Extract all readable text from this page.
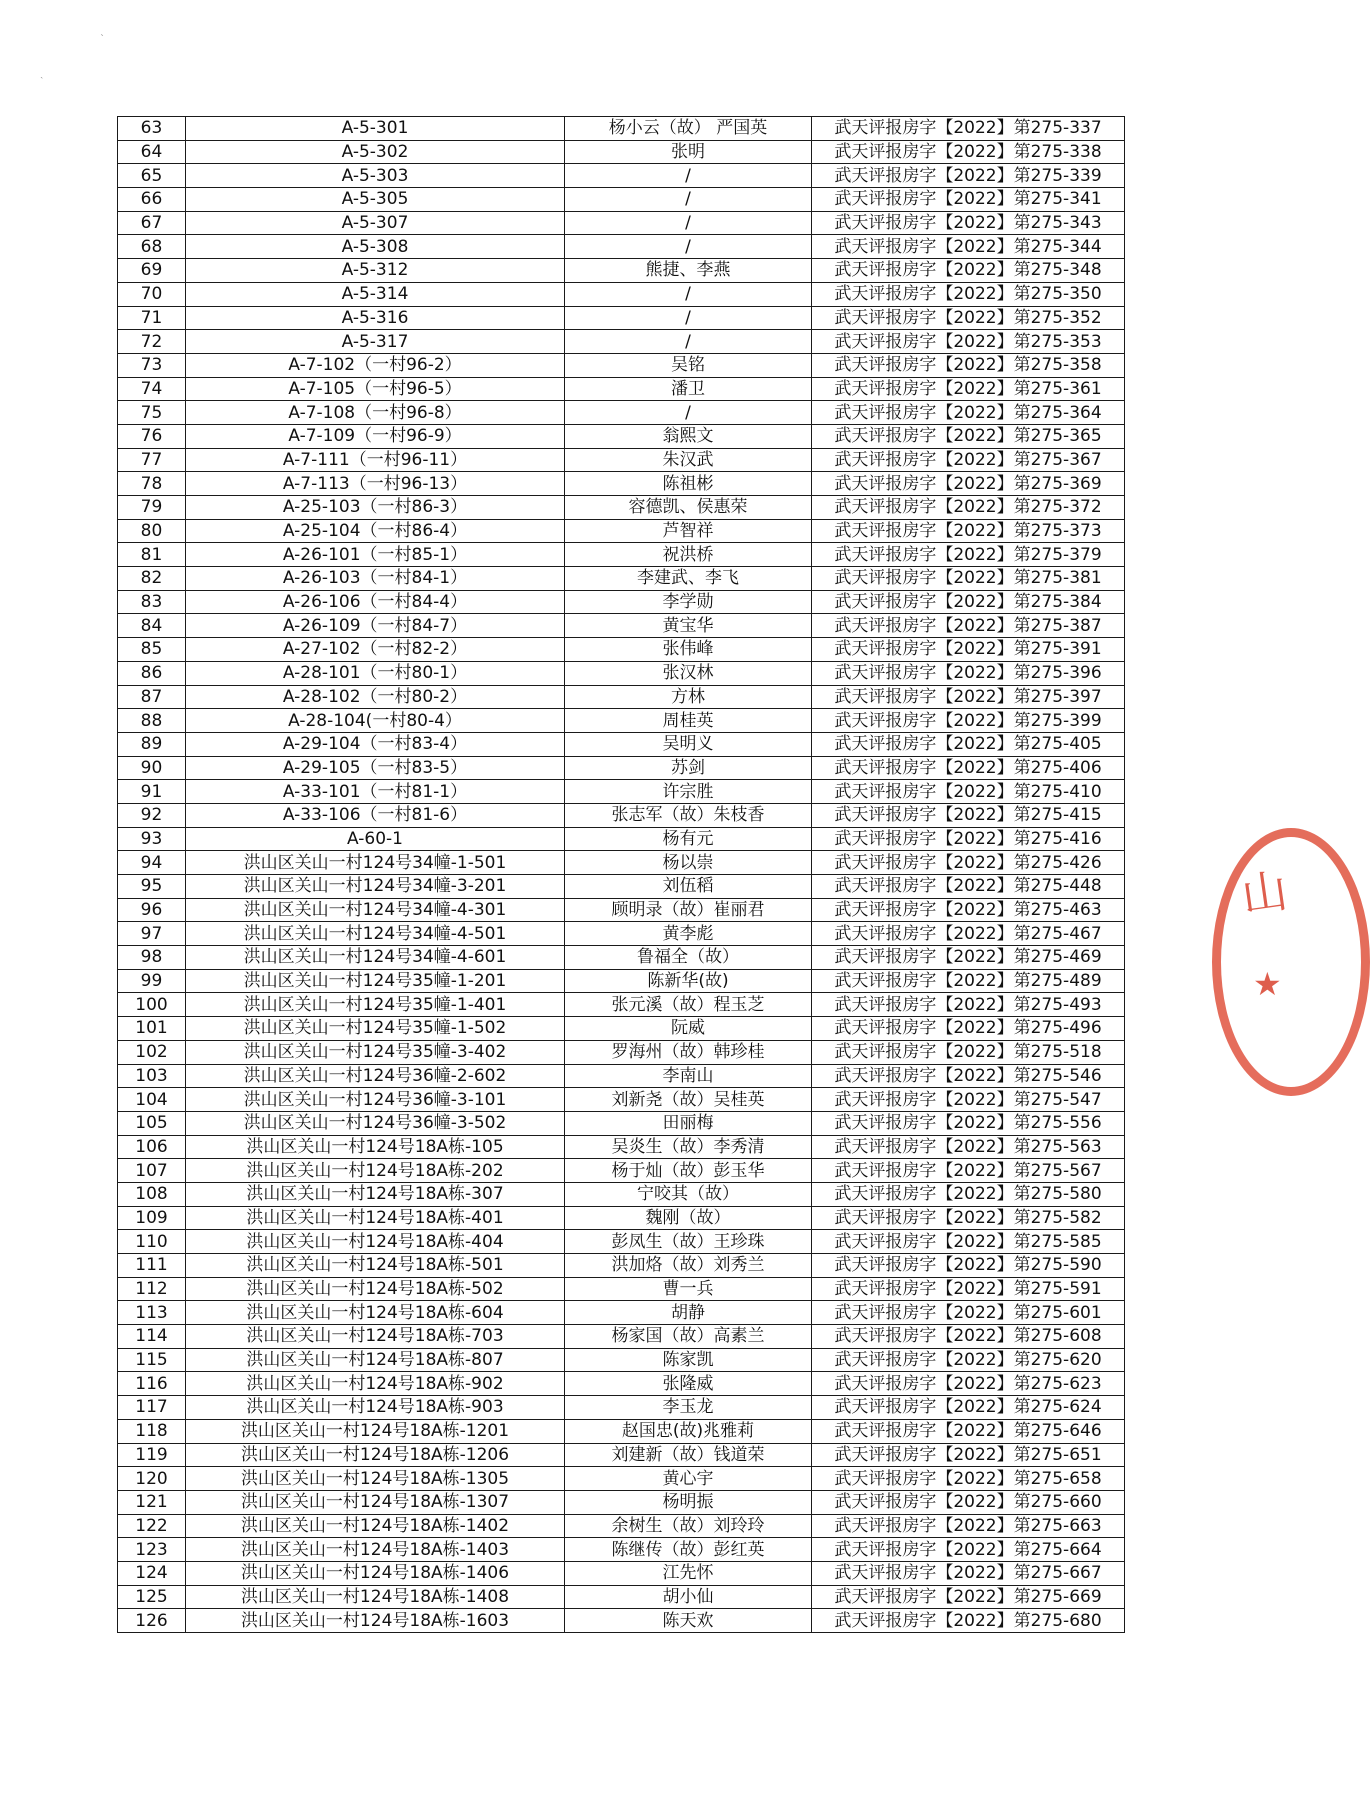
ˋ
˴
63	A-5-301	杨小云（故） 严国英	武天评报房字【2022】第275-337
64	A-5-302	张明	武天评报房字【2022】第275-338
65	A-5-303	/	武天评报房字【2022】第275-339
66	A-5-305	/	武天评报房字【2022】第275-341
67	A-5-307	/	武天评报房字【2022】第275-343
68	A-5-308	/	武天评报房字【2022】第275-344
69	A-5-312	熊捷、李燕	武天评报房字【2022】第275-348
70	A-5-314	/	武天评报房字【2022】第275-350
71	A-5-316	/	武天评报房字【2022】第275-352
72	A-5-317	/	武天评报房字【2022】第275-353
73	A-7-102（一村96-2）	吴铭	武天评报房字【2022】第275-358
74	A-7-105（一村96-5）	潘卫	武天评报房字【2022】第275-361
75	A-7-108（一村96-8）	/	武天评报房字【2022】第275-364
76	A-7-109（一村96-9）	翁熙文	武天评报房字【2022】第275-365
77	A-7-111（一村96-11）	朱汉武	武天评报房字【2022】第275-367
78	A-7-113（一村96-13）	陈祖彬	武天评报房字【2022】第275-369
79	A-25-103（一村86-3）	容德凯、侯惠荣	武天评报房字【2022】第275-372
80	A-25-104（一村86-4）	芦智祥	武天评报房字【2022】第275-373
81	A-26-101（一村85-1）	祝洪桥	武天评报房字【2022】第275-379
82	A-26-103（一村84-1）	李建武、李飞	武天评报房字【2022】第275-381
83	A-26-106（一村84-4）	李学勋	武天评报房字【2022】第275-384
84	A-26-109（一村84-7）	黄宝华	武天评报房字【2022】第275-387
85	A-27-102（一村82-2）	张伟峰	武天评报房字【2022】第275-391
86	A-28-101（一村80-1）	张汉林	武天评报房字【2022】第275-396
87	A-28-102（一村80-2）	方林	武天评报房字【2022】第275-397
88	A-28-104(一村80-4）	周桂英	武天评报房字【2022】第275-399
89	A-29-104（一村83-4）	吴明义	武天评报房字【2022】第275-405
90	A-29-105（一村83-5）	苏剑	武天评报房字【2022】第275-406
91	A-33-101（一村81-1）	许宗胜	武天评报房字【2022】第275-410
92	A-33-106（一村81-6）	张志军（故）朱枝香	武天评报房字【2022】第275-415
93	A-60-1	杨有元	武天评报房字【2022】第275-416
94	洪山区关山一村124号34幢-1-501	杨以崇	武天评报房字【2022】第275-426
95	洪山区关山一村124号34幢-3-201	刘伍稻	武天评报房字【2022】第275-448
96	洪山区关山一村124号34幢-4-301	顾明录（故）崔丽君	武天评报房字【2022】第275-463
97	洪山区关山一村124号34幢-4-501	黄李彪	武天评报房字【2022】第275-467
98	洪山区关山一村124号34幢-4-601	鲁福全（故）	武天评报房字【2022】第275-469
99	洪山区关山一村124号35幢-1-201	陈新华(故)	武天评报房字【2022】第275-489
100	洪山区关山一村124号35幢-1-401	张元溪（故）程玉芝	武天评报房字【2022】第275-493
101	洪山区关山一村124号35幢-1-502	阮威	武天评报房字【2022】第275-496
102	洪山区关山一村124号35幢-3-402	罗海州（故）韩珍桂	武天评报房字【2022】第275-518
103	洪山区关山一村124号36幢-2-602	李南山	武天评报房字【2022】第275-546
104	洪山区关山一村124号36幢-3-101	刘新尧（故）吴桂英	武天评报房字【2022】第275-547
105	洪山区关山一村124号36幢-3-502	田丽梅	武天评报房字【2022】第275-556
106	洪山区关山一村124号18A栋-105	吴炎生（故）李秀清	武天评报房字【2022】第275-563
107	洪山区关山一村124号18A栋-202	杨于灿（故）彭玉华	武天评报房字【2022】第275-567
108	洪山区关山一村124号18A栋-307	宁咬其（故）	武天评报房字【2022】第275-580
109	洪山区关山一村124号18A栋-401	魏刚（故）	武天评报房字【2022】第275-582
110	洪山区关山一村124号18A栋-404	彭凤生（故）王珍珠	武天评报房字【2022】第275-585
111	洪山区关山一村124号18A栋-501	洪加烙（故）刘秀兰	武天评报房字【2022】第275-590
112	洪山区关山一村124号18A栋-502	曹一兵	武天评报房字【2022】第275-591
113	洪山区关山一村124号18A栋-604	胡静	武天评报房字【2022】第275-601
114	洪山区关山一村124号18A栋-703	杨家国（故）高素兰	武天评报房字【2022】第275-608
115	洪山区关山一村124号18A栋-807	陈家凯	武天评报房字【2022】第275-620
116	洪山区关山一村124号18A栋-902	张隆威	武天评报房字【2022】第275-623
117	洪山区关山一村124号18A栋-903	李玉龙	武天评报房字【2022】第275-624
118	洪山区关山一村124号18A栋-1201	赵国忠(故)兆雅莉	武天评报房字【2022】第275-646
119	洪山区关山一村124号18A栋-1206	刘建新（故）钱道荣	武天评报房字【2022】第275-651
120	洪山区关山一村124号18A栋-1305	黄心宇	武天评报房字【2022】第275-658
121	洪山区关山一村124号18A栋-1307	杨明振	武天评报房字【2022】第275-660
122	洪山区关山一村124号18A栋-1402	余树生（故）刘玲玲	武天评报房字【2022】第275-663
123	洪山区关山一村124号18A栋-1403	陈继传（故）彭红英	武天评报房字【2022】第275-664
124	洪山区关山一村124号18A栋-1406	江先怀	武天评报房字【2022】第275-667
125	洪山区关山一村124号18A栋-1408	胡小仙	武天评报房字【2022】第275-669
126	洪山区关山一村124号18A栋-1603	陈天欢	武天评报房字【2022】第275-680
山
★
